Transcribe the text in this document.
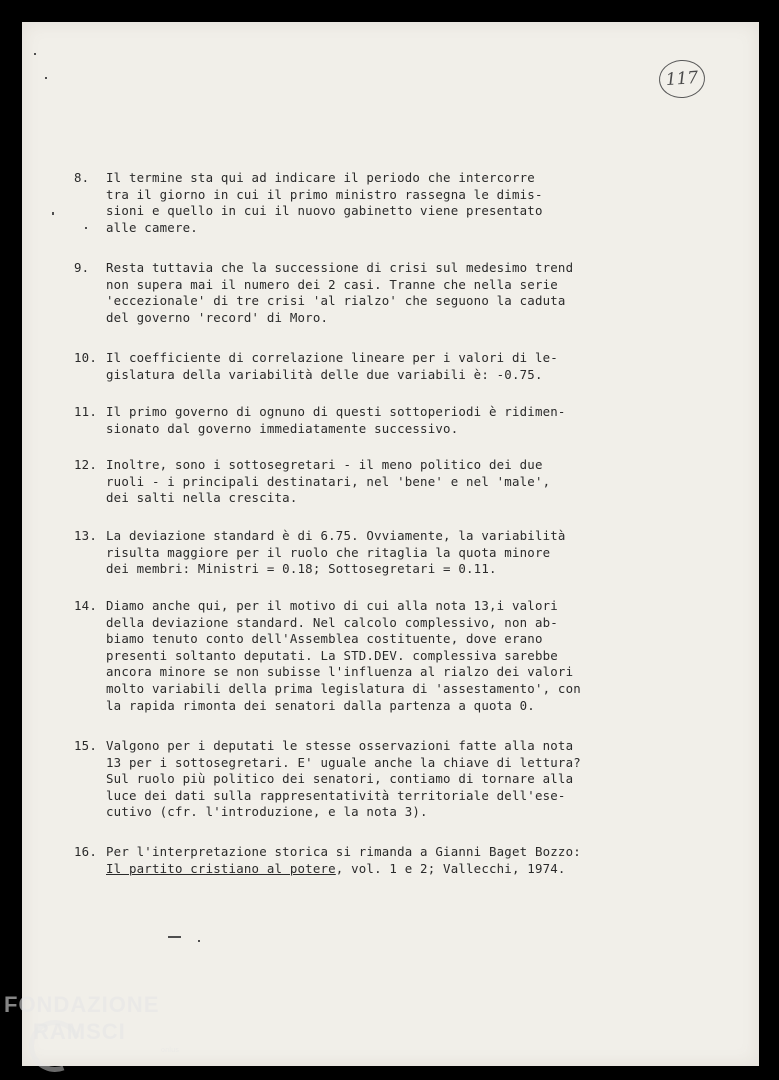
117
8. Il termine sta qui ad indicare il periodo che intercorre
tra il giorno in cui il primo ministro rassegna le dimis-
sioni e quello in cui il nuovo gabinetto viene presentato
alle camere.
9. Resta tuttavia che la successione di crisi sul medesimo trend
non supera mai il numero dei 2 casi. Tranne che nella serie
'eccezionale' di tre crisi 'al rialzo' che seguono la caduta
del governo 'record' di Moro.
10. Il coefficiente di correlazione lineare per i valori di le-
gislatura della variabilità delle due variabili è: -0.75.
11. Il primo governo di ognuno di questi sottoperiodi è ridimen-
sionato dal governo immediatamente successivo.
12. Inoltre, sono i sottosegretari - il meno politico dei due
ruoli - i principali destinatari, nel 'bene' e nel 'male',
dei salti nella crescita.
13. La deviazione standard è di 6.75. Ovviamente, la variabilità
risulta maggiore per il ruolo che ritaglia la quota minore
dei membri: Ministri = 0.18; Sottosegretari = 0.11.
14. Diamo anche qui, per il motivo di cui alla nota 13,i valori
della deviazione standard. Nel calcolo complessivo, non ab-
biamo tenuto conto dell'Assemblea costituente, dove erano
presenti soltanto deputati. La STD.DEV. complessiva sarebbe
ancora minore se non subisse l'influenza al rialzo dei valori
molto variabili della prima legislatura di 'assestamento', con
la rapida rimonta dei senatori dalla partenza a quota 0.
15. Valgono per i deputati le stesse osservazioni fatte alla nota
13 per i sottosegretari. E' uguale anche la chiave di lettura?
Sul ruolo più politico dei senatori, contiamo di tornare alla
luce dei dati sulla rappresentatività territoriale dell'ese-
cutivo (cfr. l'introduzione, e la nota 3).
16. Per l'interpretazione storica si rimanda a Gianni Baget Bozzo:
Il partito cristiano al potere, vol. 1 e 2; Vallecchi, 1974.
FONDAZIONE
RAMSCI
onlus
